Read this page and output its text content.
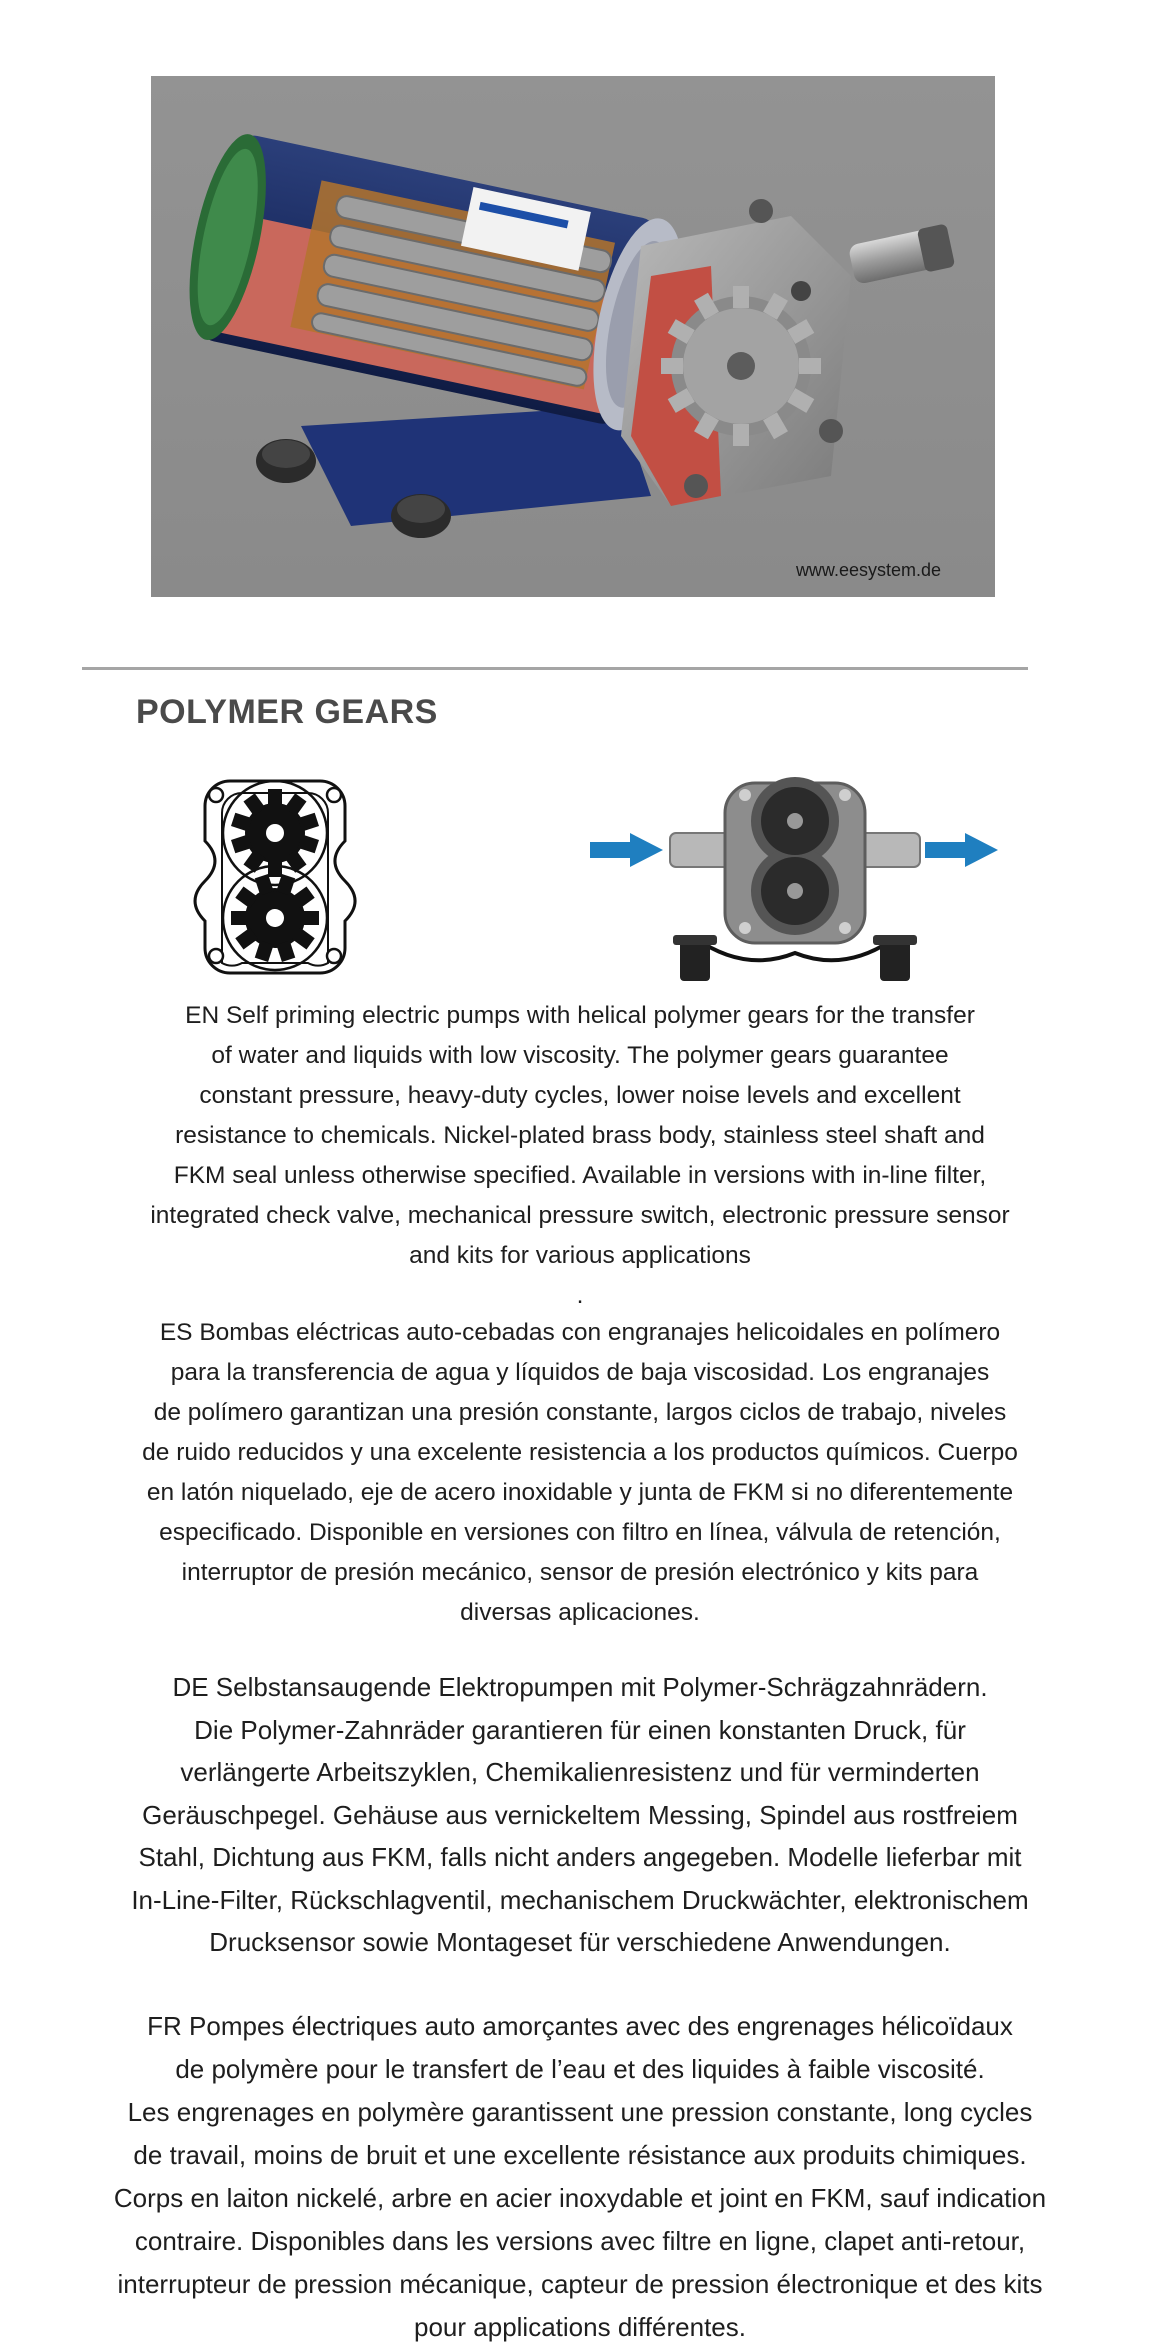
www.eesystem.de
POLYMER GEARS

EN Self priming electric pumps with helical polymer gears for the transfer

of water and liquids with low viscosity. The polymer gears guarantee

constant pressure, heavy-duty cycles, lower noise levels and excellent

resistance to chemicals. Nickel-plated brass body, stainless steel shaft and

FKM seal unless otherwise specified. Available in versions with in-line filter,

integrated check valve, mechanical pressure switch, electronic pressure sensor

and kits for various applications

.

ES Bombas eléctricas auto-cebadas con engranajes helicoidales en polímero

para la transferencia de agua y líquidos de baja viscosidad. Los engranajes

de polímero garantizan una presión constante, largos ciclos de trabajo, niveles

de ruido reducidos y una excelente resistencia a los productos químicos. Cuerpo

en latón niquelado, eje de acero inoxidable y junta de FKM si no diferentemente

especificado. Disponible en versiones con filtro en línea, válvula de retención,

interruptor de presión mecánico, sensor de presión electrónico y kits para

diversas aplicaciones.

DE Selbstansaugende Elektropumpen mit Polymer-Schrägzahnrädern.

Die Polymer-Zahnräder garantieren für einen konstanten Druck, für

verlängerte Arbeitszyklen, Chemikalienresistenz und für verminderten

Geräuschpegel. Gehäuse aus vernickeltem Messing, Spindel aus rostfreiem

Stahl, Dichtung aus FKM, falls nicht anders angegeben. Modelle lieferbar mit

In-Line-Filter, Rückschlagventil, mechanischem Druckwächter, elektronischem

Drucksensor sowie Montageset für verschiedene Anwendungen.

FR Pompes électriques auto amorçantes avec des engrenages hélicoïdaux

de polymère pour le transfert de l’eau et des liquides à faible viscosité.

Les engrenages en polymère garantissent une pression constante, long cycles

de travail, moins de bruit et une excellente résistance aux produits chimiques.

Corps en laiton nickelé, arbre en acier inoxydable et joint en FKM, sauf indication

contraire. Disponibles dans les versions avec filtre en ligne, clapet anti-retour,

interrupteur de pression mécanique, capteur de pression électronique et des kits

pour applications différentes.
